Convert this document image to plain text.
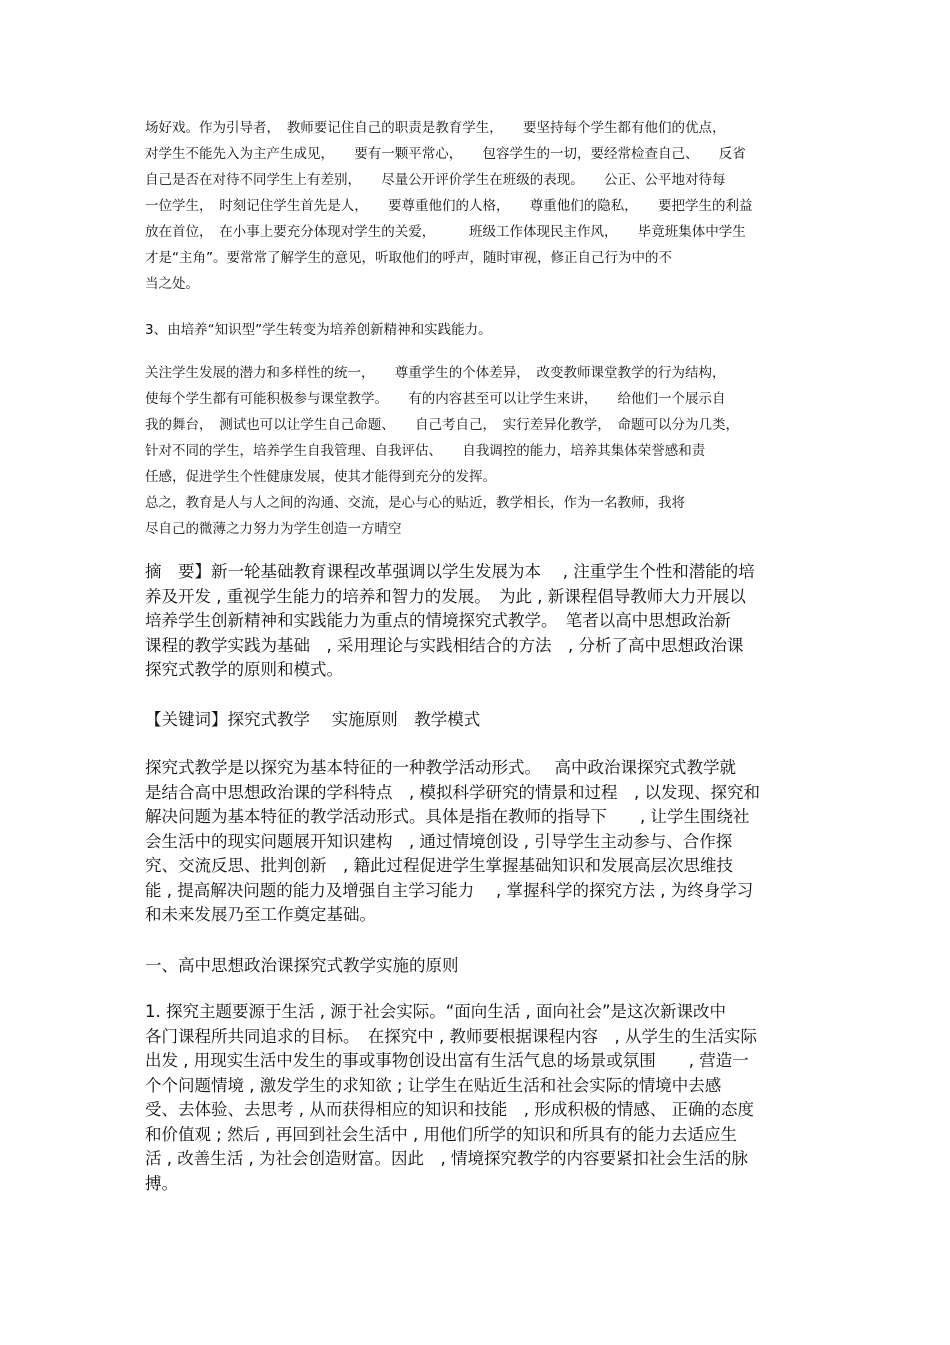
场好戏。作为引导者，　教师要记住自己的职责是教育学生，　　要坚持每个学生都有他们的优点，

对学生不能先入为主产生成见，　　要有一颗平常心，　　包容学生的一切，要经常检查自己、　　反省

自己是否在对待不同学生上有差别，　　尽量公开评价学生在班级的表现。　　公正、公平地对待每

一位学生，　时刻记住学生首先是人，　　要尊重他们的人格，　　尊重他们的隐私，　　要把学生的利益

放在首位，　在小事上要充分体现对学生的关爱，　　　班级工作体现民主作风，　　毕竟班集体中学生

才是“主角”。要常常了解学生的意见，听取他们的呼声，随时审视，修正自己行为中的不

当之处。

3、由培养“知识型”学生转变为培养创新精神和实践能力。

关注学生发展的潜力和多样性的统一，　　尊重学生的个体差异，　改变教师课堂教学的行为结构，

使每个学生都有可能积极参与课堂教学。　　有的内容甚至可以让学生来讲，　　给他们一个展示自

我的舞台，　测试也可以让学生自己命题、　　自己考自己，　实行差异化教学，　命题可以分为几类，

针对不同的学生，培养学生自我管理、自我评估、　　自我调控的能力，培养其集体荣誉感和责

任感，促进学生个性健康发展，使其才能得到充分的发挥。

总之，教育是人与人之间的沟通、交流，是心与心的贴近，教学相长，作为一名教师，我将

尽自己的微薄之力努力为学生创造一方晴空

摘　要】新一轮基础教育课程改革强调以学生发展为本　 , 注重学生个性和潜能的培

养及开发 , 重视学生能力的培养和智力的发展。　为此 , 新课程倡导教师大力开展以

培养学生创新精神和实践能力为重点的情境探究式教学。　笔者以高中思想政治新

课程的教学实践为基础　, 采用理论与实践相结合的方法　, 分析了高中思想政治课

探究式教学的原则和模式。

【关键词】探究式教学　 实施原则　教学模式

探究式教学是以探究为基本特征的一种教学活动形式。　 高中政治课探究式教学就

是结合高中思想政治课的学科特点　, 模拟科学研究的情景和过程　, 以发现、探究和

解决问题为基本特征的教学活动形式。具体是指在教师的指导下　　, 让学生围绕社

会生活中的现实问题展开知识建构　, 通过情境创设 , 引导学生主动参与、合作探

究、交流反思、批判创新　, 籍此过程促进学生掌握基础知识和发展高层次思维技

能 , 提高解决问题的能力及增强自主学习能力　 , 掌握科学的探究方法 , 为终身学习

和未来发展乃至工作奠定基础。

一、高中思想政治课探究式教学实施的原则

1. 探究主题要源于生活 , 源于社会实际。“面向生活 , 面向社会”是这次新课改中

各门课程所共同追求的目标。　在探究中 , 教师要根据课程内容　, 从学生的生活实际

出发 , 用现实生活中发生的事或事物创设出富有生活气息的场景或氛围　　, 营造一

个个问题情境 , 激发学生的求知欲 ; 让学生在贴近生活和社会实际的情境中去感

受、去体验、去思考 , 从而获得相应的知识和技能　, 形成积极的情感、 正确的态度

和价值观 ; 然后 , 再回到社会生活中 , 用他们所学的知识和所具有的能力去适应生

活 , 改善生活 , 为社会创造财富。因此　, 情境探究教学的内容要紧扣社会生活的脉

搏。
